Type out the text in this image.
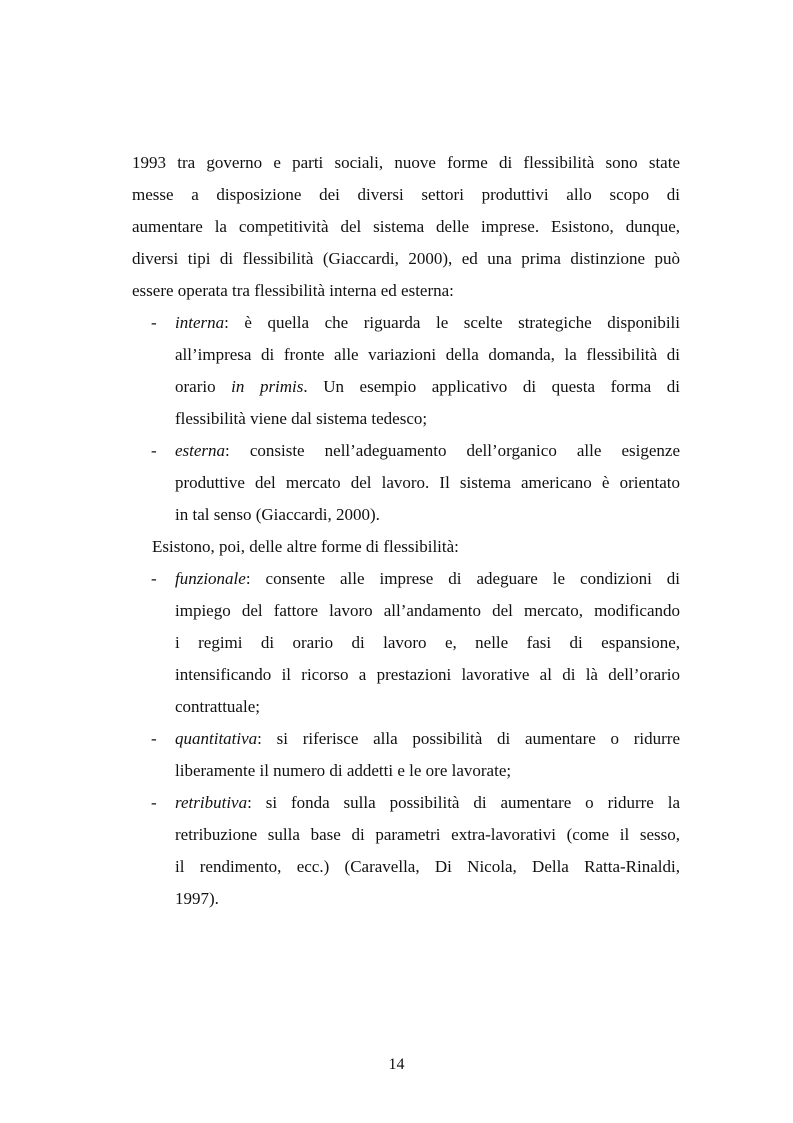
1993 tra governo e parti sociali, nuove forme di flessibilità sono state
messe a disposizione dei diversi settori produttivi allo scopo di
aumentare la competitività del sistema delle imprese. Esistono, dunque,
diversi tipi di flessibilità (Giaccardi, 2000), ed una prima distinzione può
essere operata tra flessibilità interna ed esterna:
- interna: è quella che riguarda le scelte strategiche disponibili
all’impresa di fronte alle variazioni della domanda, la flessibilità di
orario in primis. Un esempio applicativo di questa forma di
flessibilità viene dal sistema tedesco;
- esterna: consiste nell’adeguamento dell’organico alle esigenze
produttive del mercato del lavoro. Il sistema americano è orientato
in tal senso (Giaccardi, 2000).
Esistono, poi, delle altre forme di flessibilità:
- funzionale: consente alle imprese di adeguare le condizioni di
impiego del fattore lavoro all’andamento del mercato, modificando
i regimi di orario di lavoro e, nelle fasi di espansione,
intensificando il ricorso a prestazioni lavorative al di là dell’orario
contrattuale;
- quantitativa: si riferisce alla possibilità di aumentare o ridurre
liberamente il numero di addetti e le ore lavorate;
- retributiva: si fonda sulla possibilità di aumentare o ridurre la
retribuzione sulla base di parametri extra-lavorativi (come il sesso,
il rendimento, ecc.) (Caravella, Di Nicola, Della Ratta-Rinaldi,
1997).
14
